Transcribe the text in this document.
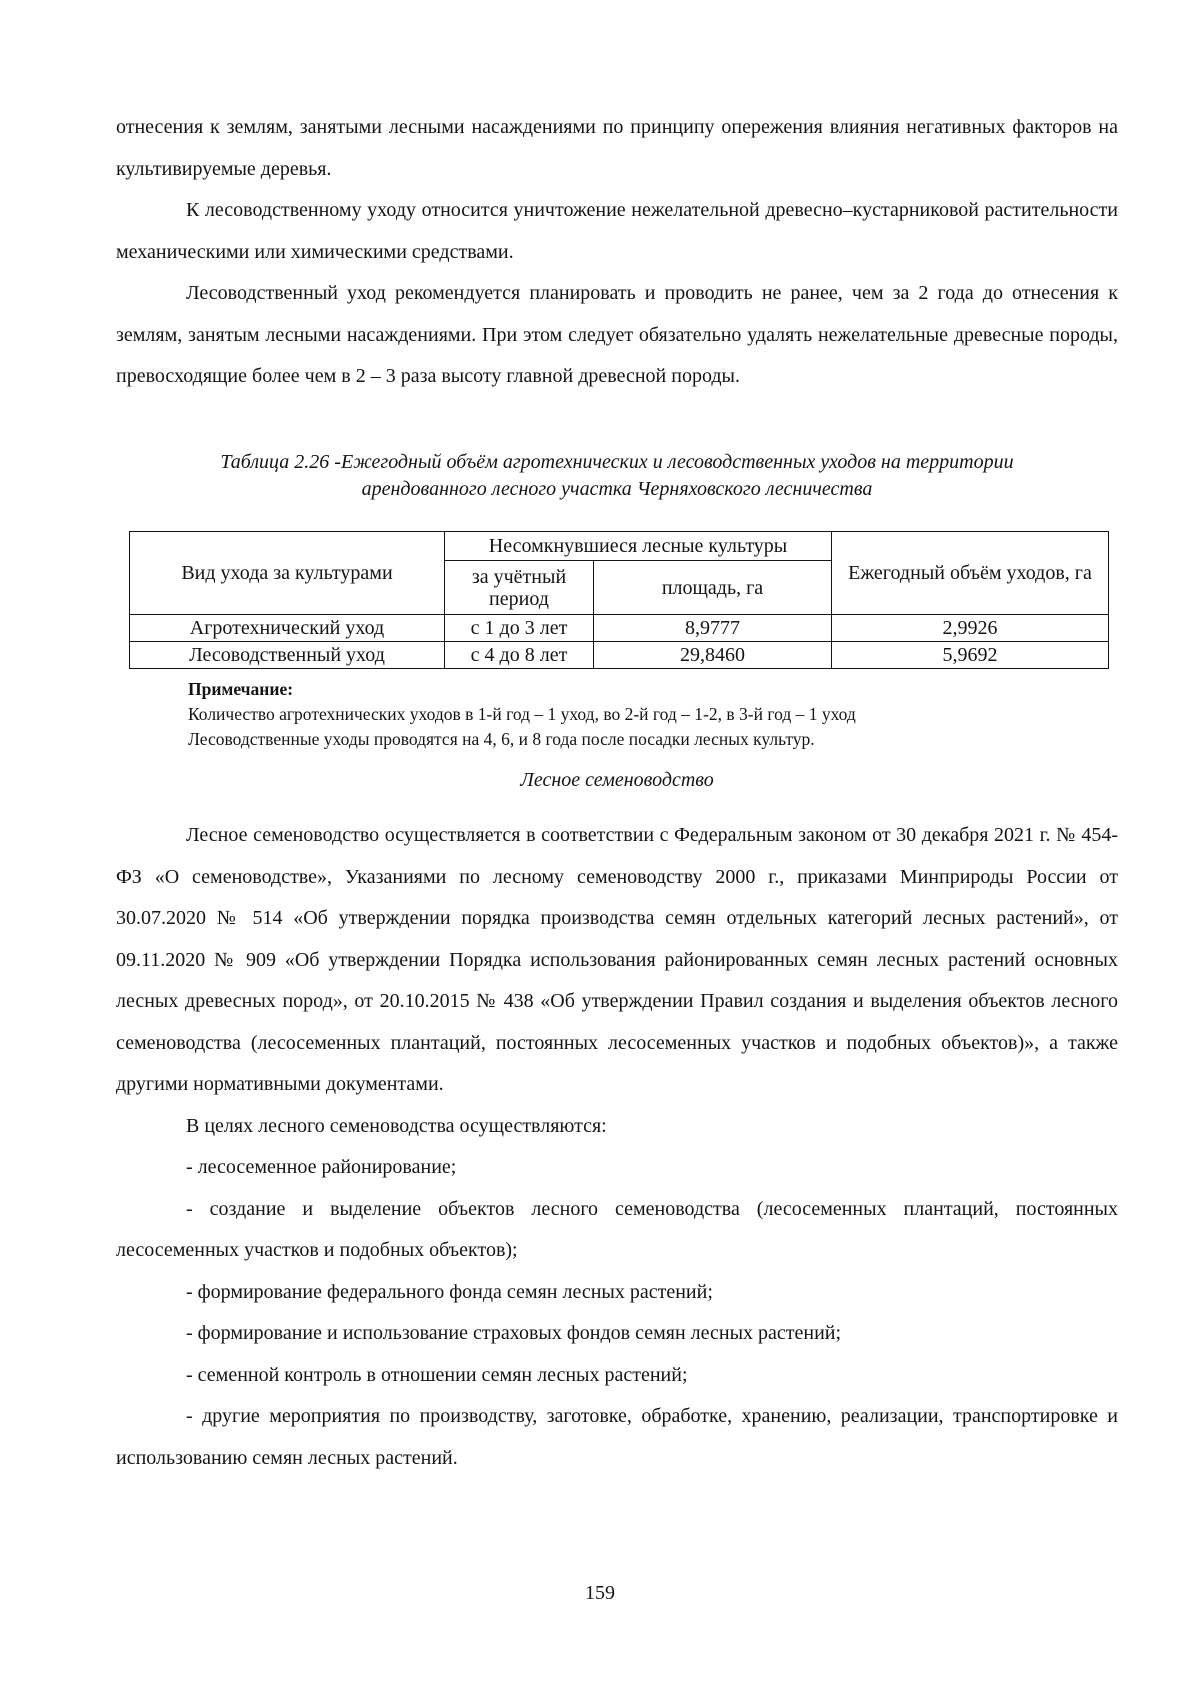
отнесения к землям, занятыми лесными насаждениями по принципу опережения влияния негативных факторов на культивируемые деревья.

К лесоводственному уходу относится уничтожение нежелательной древесно–кустарниковой растительности механическими или химическими средствами.

Лесоводственный уход рекомендуется планировать и проводить не ранее, чем за 2 года до отнесения к землям, занятым лесными насаждениями. При этом следует обязательно удалять нежелательные древесные породы, превосходящие более чем в 2 – 3 раза высоту главной древесной породы.

Таблица 2.26 -Ежегодный объём агротехнических и лесоводственных уходов на территории
арендованного лесного участка Черняховского лесничества
Вид ухода за культурами	Несомкнувшиеся лесные культуры		Ежегодный объём уходов, га
	за учётный период	площадь, га	
Агротехнический уход	с 1 до 3 лет	8,9777	2,9926
Лесоводственный уход	с 4 до 8 лет	29,8460	5,9692
Примечание:
Количество агротехнических уходов в 1-й год – 1 уход, во 2-й год – 1-2, в 3-й год – 1 уход
Лесоводственные уходы проводятся на 4, 6, и 8 года после посадки лесных культур.
Лесное семеноводство

Лесное семеноводство осуществляется в соответствии с Федеральным законом от 30 декабря 2021 г. № 454-ФЗ «О семеноводстве», Указаниями по лесному семеноводству 2000 г., приказами Минприроды России от 30.07.2020 № 514 «Об утверждении порядка производства семян отдельных категорий лесных растений», от 09.11.2020 № 909 «Об утверждении Порядка использования районированных семян лесных растений основных лесных древесных пород», от 20.10.2015 № 438 «Об утверждении Правил создания и выделения объектов лесного семеноводства (лесосеменных плантаций, постоянных лесосеменных участков и подобных объектов)», а также другими нормативными документами.

В целях лесного семеноводства осуществляются:

- лесосеменное районирование;

- создание и выделение объектов лесного семеноводства (лесосеменных плантаций, постоянных лесосеменных участков и подобных объектов);

- формирование федерального фонда семян лесных растений;

- формирование и использование страховых фондов семян лесных растений;

- семенной контроль в отношении семян лесных растений;

- другие мероприятия по производству, заготовке, обработке, хранению, реализации, транспортировке и использованию семян лесных растений.

159
